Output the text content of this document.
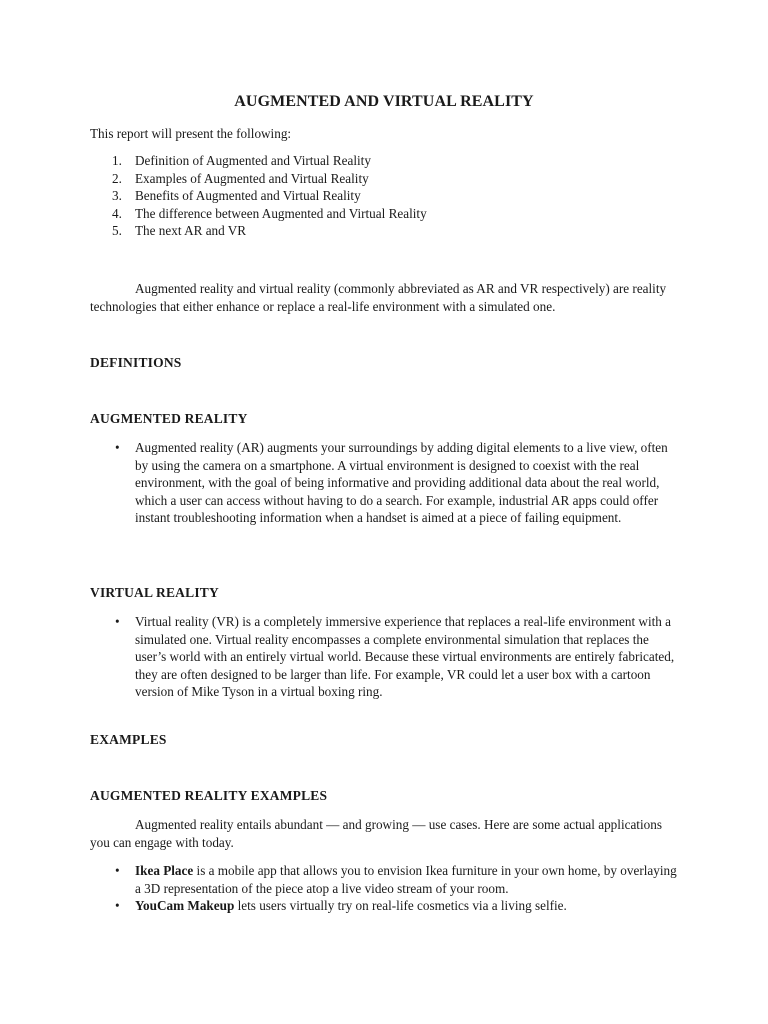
AUGMENTED AND VIRTUAL REALITY

This report will present the following:

1. Definition of Augmented and Virtual Reality
2. Examples of Augmented and Virtual Reality
3. Benefits of Augmented and Virtual Reality
4. The difference between Augmented and Virtual Reality
5. The next AR and VR

Augmented reality and virtual reality (commonly abbreviated as AR and VR respectively) are reality technologies that either enhance or replace a real-life environment with a simulated one.

DEFINITIONS
AUGMENTED REALITY
•	Augmented reality (AR) augments your surroundings by adding digital elements to a live view, often by using the camera on a smartphone. A virtual environment is designed to coexist with the real environment, with the goal of being informative and providing additional data about the real world, which a user can access without having to do a search. For example, industrial AR apps could offer instant troubleshooting information when a handset is aimed at a piece of failing equipment.
VIRTUAL REALITY
•	Virtual reality (VR) is a completely immersive experience that replaces a real-life environment with a simulated one. Virtual reality encompasses a complete environmental simulation that replaces the user’s world with an entirely virtual world. Because these virtual environments are entirely fabricated, they are often designed to be larger than life. For example, VR could let a user box with a cartoon version of Mike Tyson in a virtual boxing ring.
EXAMPLES
AUGMENTED REALITY EXAMPLES

Augmented reality entails abundant — and growing — use cases. Here are some actual applications you can engage with today.

•	Ikea Place is a mobile app that allows you to envision Ikea furniture in your own home, by overlaying a 3D representation of the piece atop a live video stream of your room.
•	YouCam Makeup lets users virtually try on real-life cosmetics via a living selfie.
